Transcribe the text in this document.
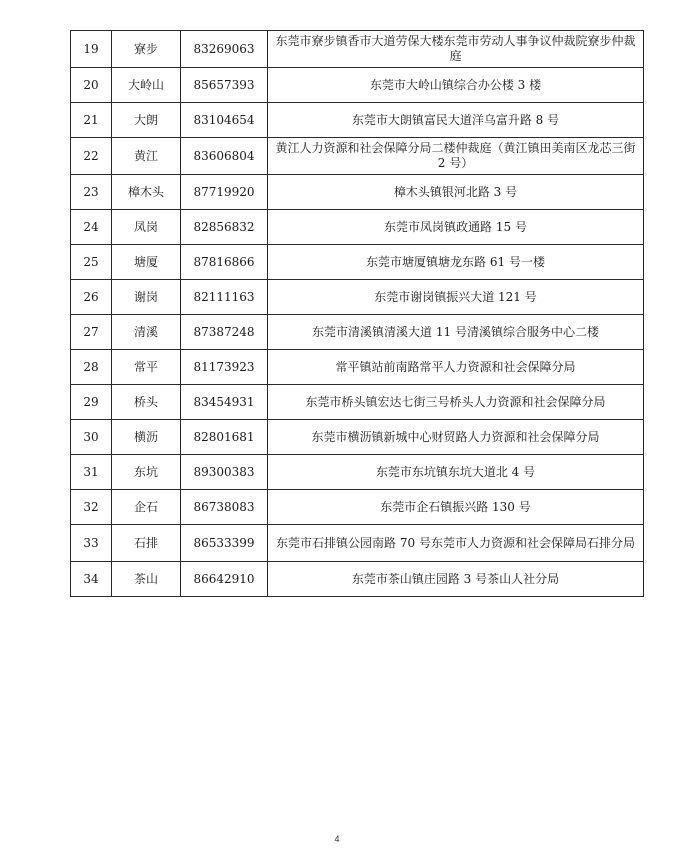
19	寮步	83269063	东莞市寮步镇香市大道劳保大楼东莞市劳动人事争议仲裁院寮步仲裁庭
20	大岭山	85657393	东莞市大岭山镇综合办公楼 3 楼
21	大朗	83104654	东莞市大朗镇富民大道洋乌富升路 8 号
22	黄江	83606804	黄江人力资源和社会保障分局二楼仲裁庭（黄江镇田美南区龙芯三街 2 号）
23	樟木头	87719920	樟木头镇银河北路 3 号
24	凤岗	82856832	东莞市凤岗镇政通路 15 号
25	塘厦	87816866	东莞市塘厦镇塘龙东路 61 号一楼
26	谢岗	82111163	东莞市谢岗镇振兴大道 121 号
27	清溪	87387248	东莞市清溪镇清溪大道 11 号清溪镇综合服务中心二楼
28	常平	81173923	常平镇站前南路常平人力资源和社会保障分局
29	桥头	83454931	东莞市桥头镇宏达七街三号桥头人力资源和社会保障分局
30	横沥	82801681	东莞市横沥镇新城中心财贸路人力资源和社会保障分局
31	东坑	89300383	东莞市东坑镇东坑大道北 4 号
32	企石	86738083	东莞市企石镇振兴路 130 号
33	石排	86533399	东莞市石排镇公园南路 70 号东莞市人力资源和社会保障局石排分局
34	茶山	86642910	东莞市茶山镇庄园路 3 号茶山人社分局
4
